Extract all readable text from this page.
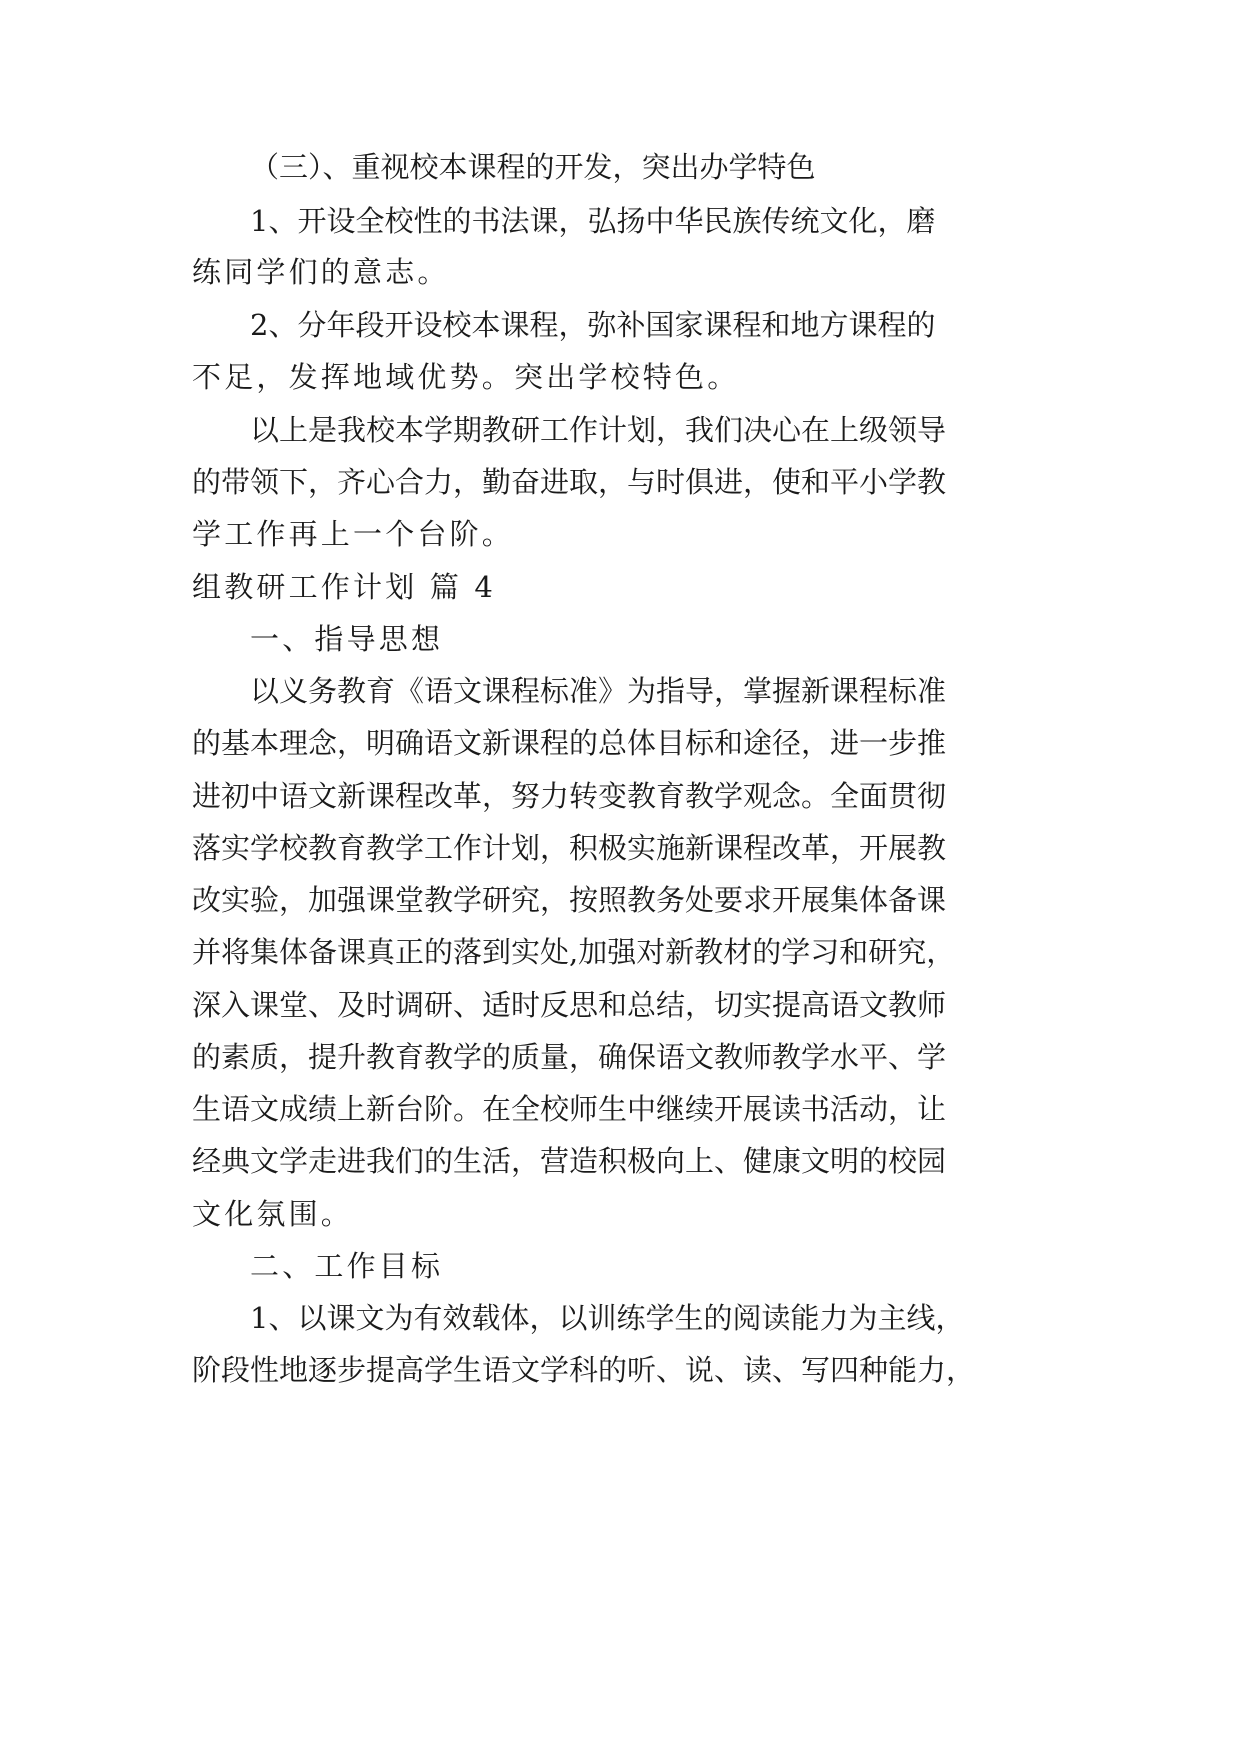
（三）、重视校本课程的开发，突出办学特色
1、开设全校性的书法课，弘扬中华民族传统文化，磨
练同学们的意志。
2、分年段开设校本课程，弥补国家课程和地方课程的
不足，发挥地域优势。突出学校特色。
以上是我校本学期教研工作计划，我们决心在上级领导
的带领下，齐心合力，勤奋进取，与时俱进，使和平小学教
学工作再上一个台阶。
组教研工作计划 篇 4
一、指导思想
以义务教育《语文课程标准》为指导，掌握新课程标准
的基本理念，明确语文新课程的总体目标和途径，进一步推
进初中语文新课程改革，努力转变教育教学观念。全面贯彻
落实学校教育教学工作计划，积极实施新课程改革，开展教
改实验，加强课堂教学研究，按照教务处要求开展集体备课
并将集体备课真正的落到实处,加强对新教材的学习和研究，
深入课堂、及时调研、适时反思和总结，切实提高语文教师
的素质，提升教育教学的质量，确保语文教师教学水平、学
生语文成绩上新台阶。在全校师生中继续开展读书活动，让
经典文学走进我们的生活，营造积极向上、健康文明的校园
文化氛围。
二、工作目标
1、以课文为有效载体，以训练学生的阅读能力为主线，
阶段性地逐步提高学生语文学科的听、说、读、写四种能力，
